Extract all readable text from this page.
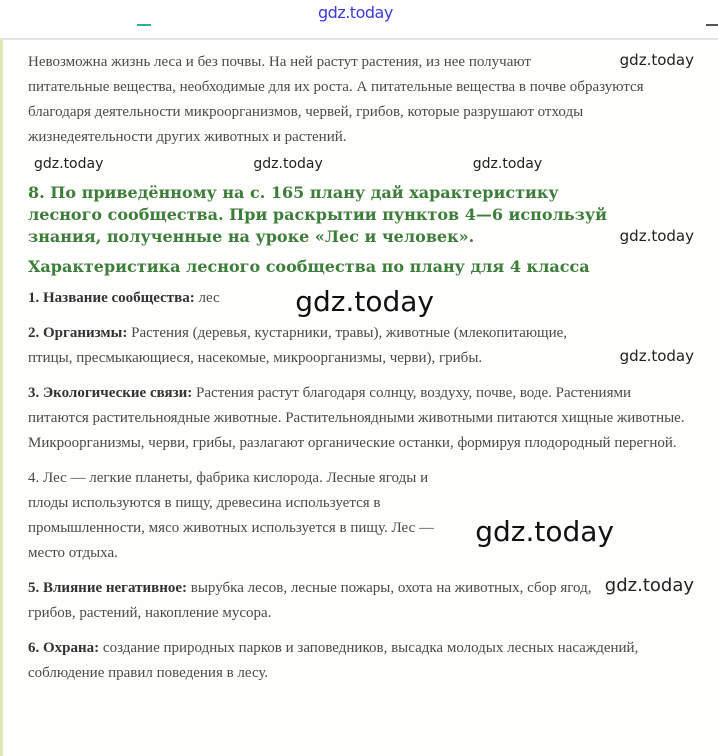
gdz.today

gdz.today
Невозможна жизнь леса и без почвы. На ней растут растения, из нее получают питательные вещества, необходимые для их роста. А питательные вещества в почве образуются благодаря деятельности микроорганизмов, червей, грибов, которые разрушают отходы жизнедеятельности других животных и растений.

gdz.today	gdz.today	gdz.today
gdz.today
8. По приведённому на с. 165 плану дай характеристику лесного сообщества. При раскрытии пунктов 4—6 используй знания, полученные на уроке «Лес и человек».
Характеристика лесного сообщества по плану для 4 класса

gdz.today
1. Название сообщества: лес

gdz.today
2. Организмы: Растения (деревья, кустарники, травы), животные (млекопитающие, птицы, пресмыкающиеся, насекомые, микроорганизмы, черви), грибы.

3. Экологические связи: Растения растут благодаря солнцу, воздуху, почве, воде. Растениями питаются растительноядные животные. Растительноядными животными питаются хищные животные. Микроорганизмы, черви, грибы, разлагают органические останки, формируя плодородный перегной.

gdz.today
4. Лес — легкие планеты, фабрика кислорода. Лесные ягоды и плоды используются в пищу, древесина используется в промышленности, мясо животных используется в пищу. Лес — место отдыха.

gdz.today
5. Влияние негативное: вырубка лесов, лесные пожары, охота на животных, сбор ягод, грибов, растений, накопление мусора.

6. Охрана: создание природных парков и заповедников, высадка молодых лесных насаждений, соблюдение правил поведения в лесу.
